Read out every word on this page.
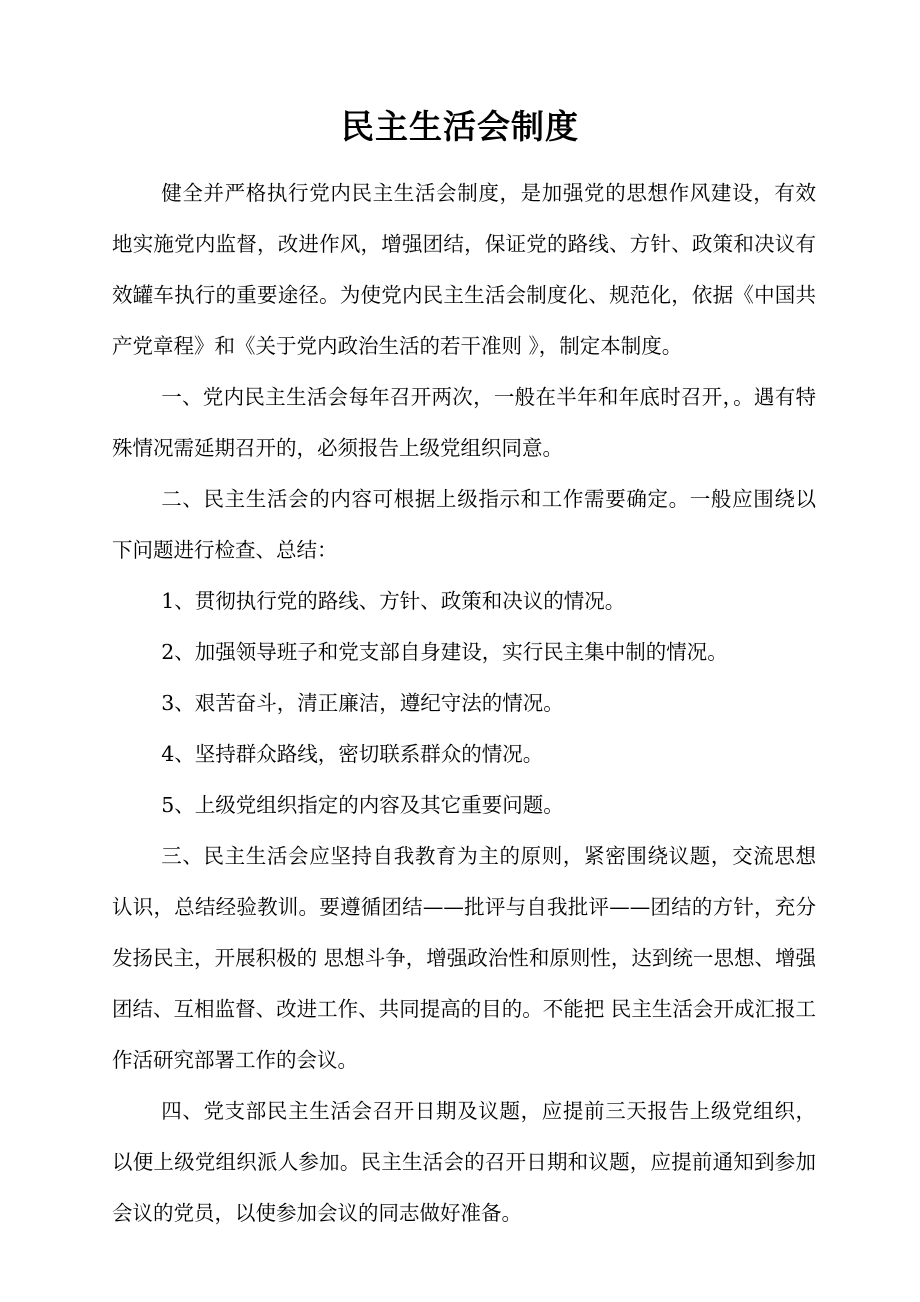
民主生活会制度

健全并严格执行党内民主生活会制度，是加强党的思想作风建设，有效地实施党内监督，改进作风，增强团结，保证党的路线、方针、政策和决议有效罐车执行的重要途径。为使党内民主生活会制度化、规范化，依据《中国共产党章程》和《关于党内政治生活的若干准则 》，制定本制度。

一、党内民主生活会每年召开两次，一般在半年和年底时召开，。遇有特殊情况需延期召开的，必须报告上级党组织同意。

二、民主生活会的内容可根据上级指示和工作需要确定。一般应围绕以下问题进行检查、总结：

1、贯彻执行党的路线、方针、政策和决议的情况。

2、加强领导班子和党支部自身建设，实行民主集中制的情况。

3、艰苦奋斗，清正廉洁，遵纪守法的情况。

4、坚持群众路线，密切联系群众的情况。

5、上级党组织指定的内容及其它重要问题。

三、民主生活会应坚持自我教育为主的原则，紧密围绕议题，交流思想认识，总结经验教训。要遵循团结——批评与自我批评——团结的方针，充分发扬民主，开展积极的 思想斗争，增强政治性和原则性，达到统一思想、增强团结、互相监督、改进工作、共同提高的目的。不能把 民主生活会开成汇报工作活研究部署工作的会议。

四、党支部民主生活会召开日期及议题，应提前三天报告上级党组织，以便上级党组织派人参加。民主生活会的召开日期和议题，应提前通知到参加会议的党员，以使参加会议的同志做好准备。
